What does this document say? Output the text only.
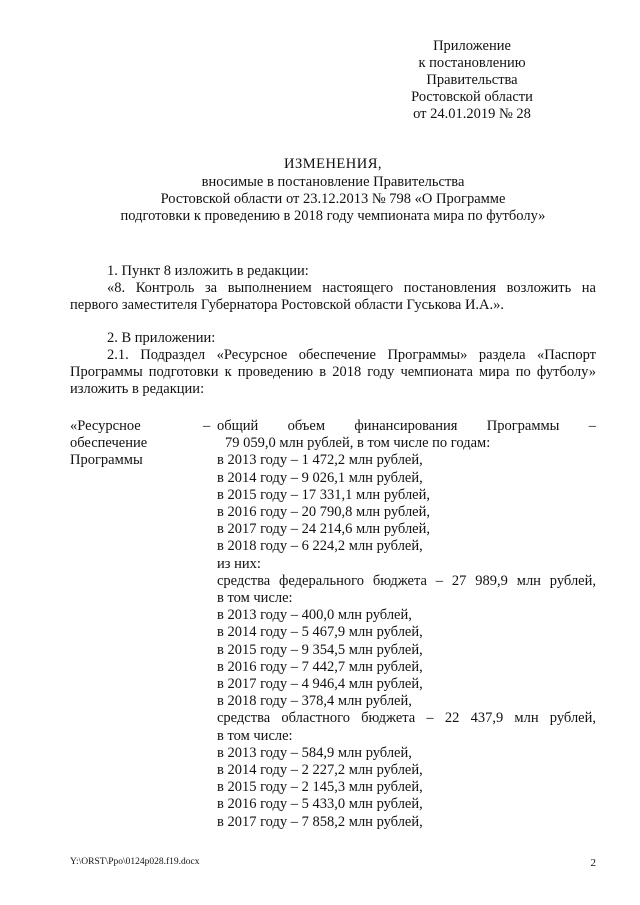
Приложение
к постановлению
Правительства
Ростовской области
от 24.01.2019 № 28
ИЗМЕНЕНИЯ,
вносимые в постановление Правительства
Ростовской области от 23.12.2013 № 798 «О Программе
подготовки к проведению в 2018 году чемпионата мира по футболу»

1. Пункт 8 изложить в редакции:

«8. Контроль за выполнением настоящего постановления возложить на первого заместителя Губернатора Ростовской области Гуськова И.А.».

2. В приложении:

2.1. Подраздел «Ресурсное обеспечение Программы» раздела «Паспорт Программы подготовки к проведению в 2018 году чемпионата мира по футболу» изложить в редакции:

«Ресурсное
обеспечение
Программы
– общий объем финансирования Программы –
79 059,0 млн рублей, в том числе по годам:
в 2013 году – 1 472,2 млн рублей,
в 2014 году – 9 026,1 млн рублей,
в 2015 году – 17 331,1 млн рублей,
в 2016 году – 20 790,8 млн рублей,
в 2017 году – 24 214,6 млн рублей,
в 2018 году – 6 224,2 млн рублей,
из них:
средства федерального бюджета – 27 989,9 млн рублей,
в том числе:
в 2013 году – 400,0 млн рублей,
в 2014 году – 5 467,9 млн рублей,
в 2015 году – 9 354,5 млн рублей,
в 2016 году – 7 442,7 млн рублей,
в 2017 году – 4 946,4 млн рублей,
в 2018 году – 378,4 млн рублей,
средства областного бюджета – 22 437,9 млн рублей,
в том числе:
в 2013 году – 584,9 млн рублей,
в 2014 году – 2 227,2 млн рублей,
в 2015 году – 2 145,3 млн рублей,
в 2016 году – 5 433,0 млн рублей,
в 2017 году – 7 858,2 млн рублей,
Y:\ORST\Ppo\0124p028.f19.docx	2
